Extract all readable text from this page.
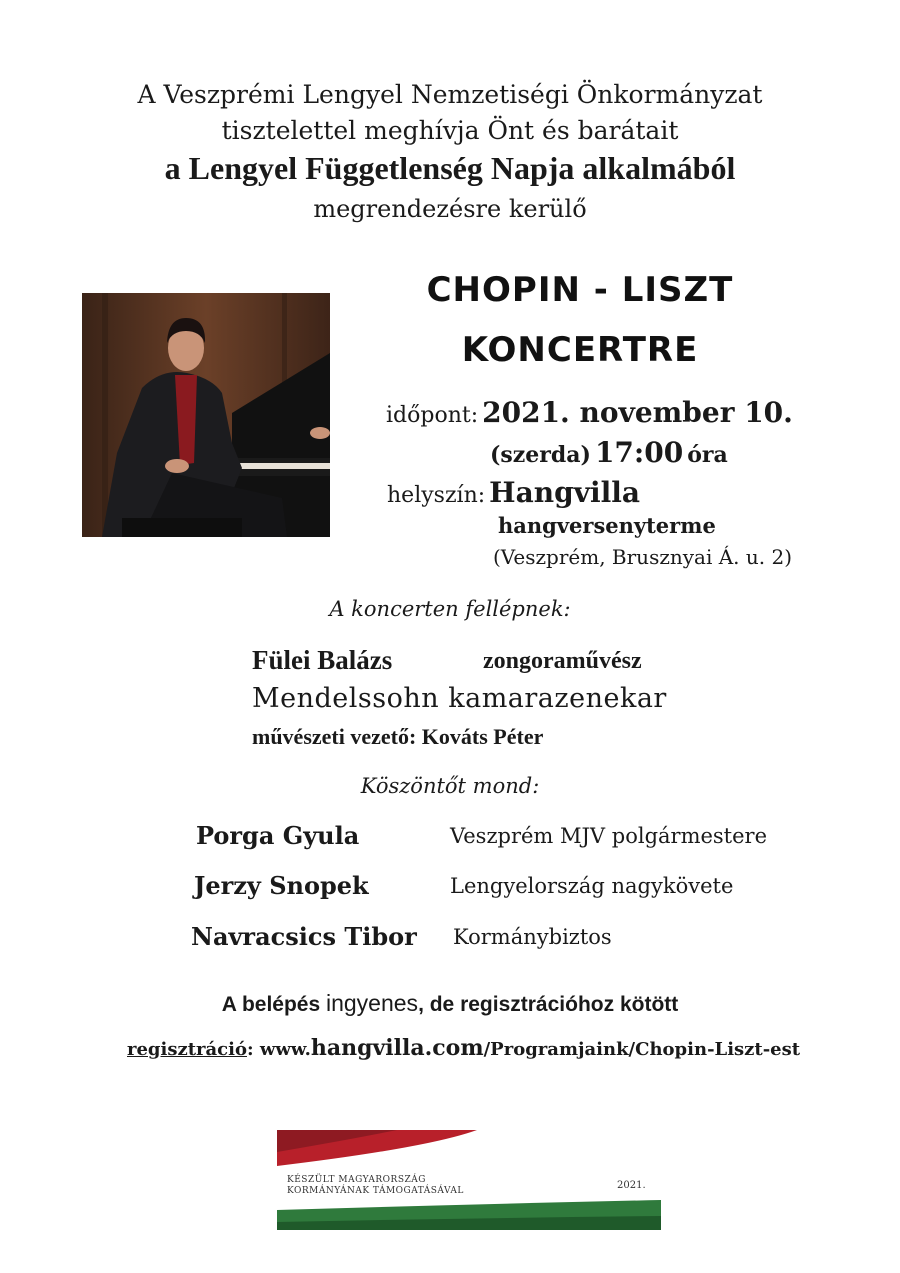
A Veszprémi Lengyel Nemzetiségi Önkormányzat
tisztelettel meghívja Önt és barátait
a Lengyel Függetlenség Napja alkalmából
megrendezésre kerülő
CHOPIN - LISZT
KONCERTRE
időpont: 2021. november 10.
(szerda) 17:00 óra
helyszín: Hangvilla
hangversenyterme
(Veszprém, Brusznyai Á. u. 2)
A koncerten fellépnek:
Fülei Balázs	zongoraművész
Mendelssohn kamarazenekar
művészeti vezető: Kováts Péter
Köszöntőt mond:
Porga Gyula	Veszprém MJV polgármestere
Jerzy Snopek	Lengyelország nagykövete
Navracsics Tibor Kormánybiztos
A belépés ingyenes, de regisztrációhoz kötött
regisztráció: www.hangvilla.com/Programjaink/Chopin-Liszt-est
KÉSZÜLT MAGYARORSZÁG
KORMÁNYÁNAK TÁMOGATÁSÁVAL	2021.
